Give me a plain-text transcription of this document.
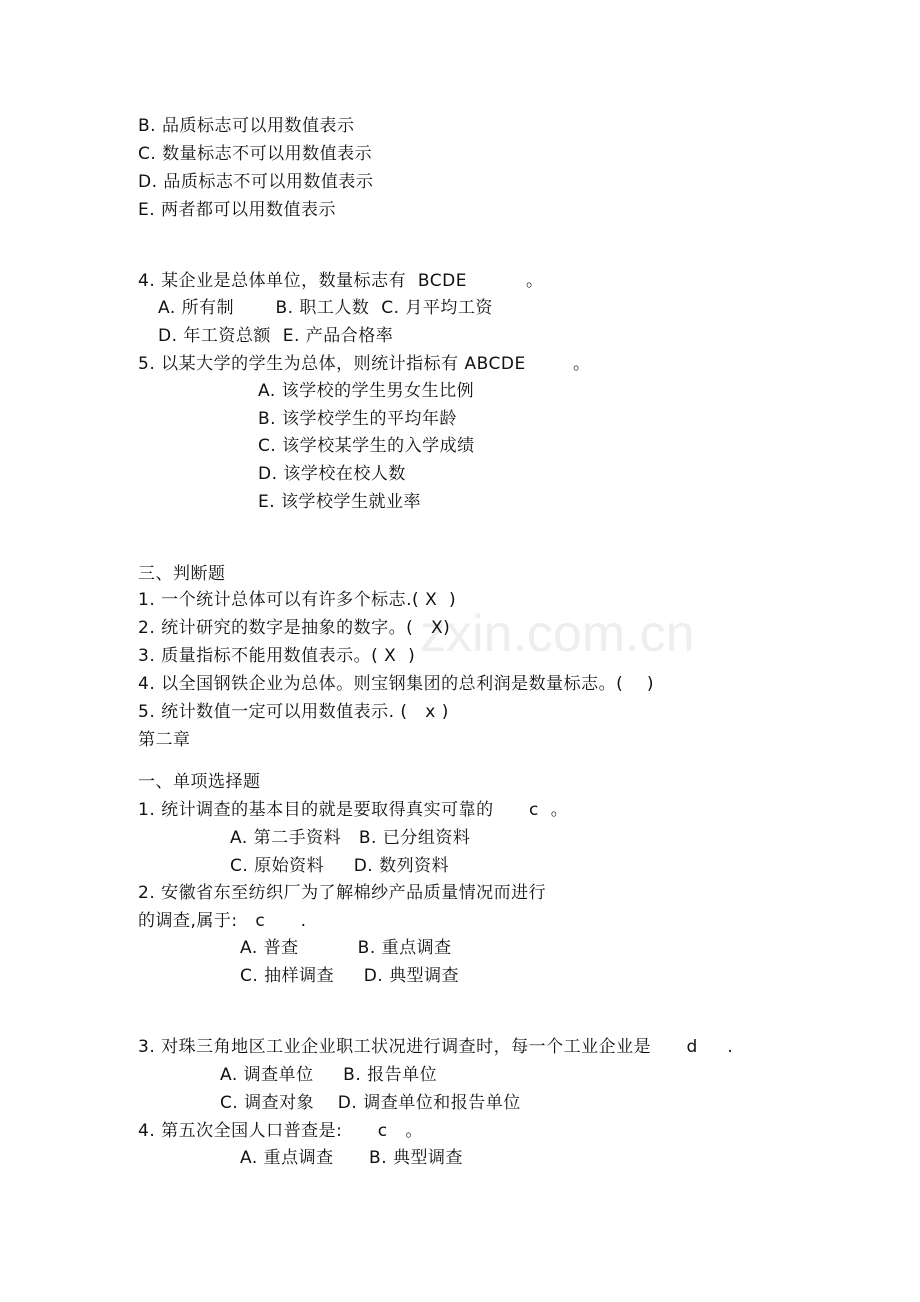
zxin.com.cn
B. 品质标志可以用数值表示
C. 数量标志不可以用数值表示
D. 品质标志不可以用数值表示
E. 两者都可以用数值表示
4. 某企业是总体单位，数量标志有  BCDE          。
A. 所有制       B. 职工人数  C. 月平均工资
D. 年工资总额  E. 产品合格率
5. 以某大学的学生为总体，则统计指标有 ABCDE        。
A. 该学校的学生男女生比例
B. 该学校学生的平均年龄
C. 该学校某学生的入学成绩
D. 该学校在校人数
E. 该学校学生就业率
三、判断题
1. 一个统计总体可以有许多个标志.( X  )
2. 统计研究的数字是抽象的数字。(   X)
3. 质量指标不能用数值表示。( X  )
4. 以全国钢铁企业为总体。则宝钢集团的总利润是数量标志。(    )
5. 统计数值一定可以用数值表示. (   x )
第二章
一、单项选择题
1. 统计调查的基本目的就是要取得真实可靠的      c  。
A. 第二手资料   B. 已分组资料
C. 原始资料     D. 数列资料
2. 安徽省东至纺织厂为了解棉纱产品质量情况而进行
的调查,属于:   c      .
A. 普查          B. 重点调查
C. 抽样调查     D. 典型调查
3. 对珠三角地区工业企业职工状况进行调查时，每一个工业企业是      d     .
A. 调查单位     B. 报告单位
C. 调查对象    D. 调查单位和报告单位
4. 第五次全国人口普查是:      c   。
A. 重点调查      B. 典型调查
